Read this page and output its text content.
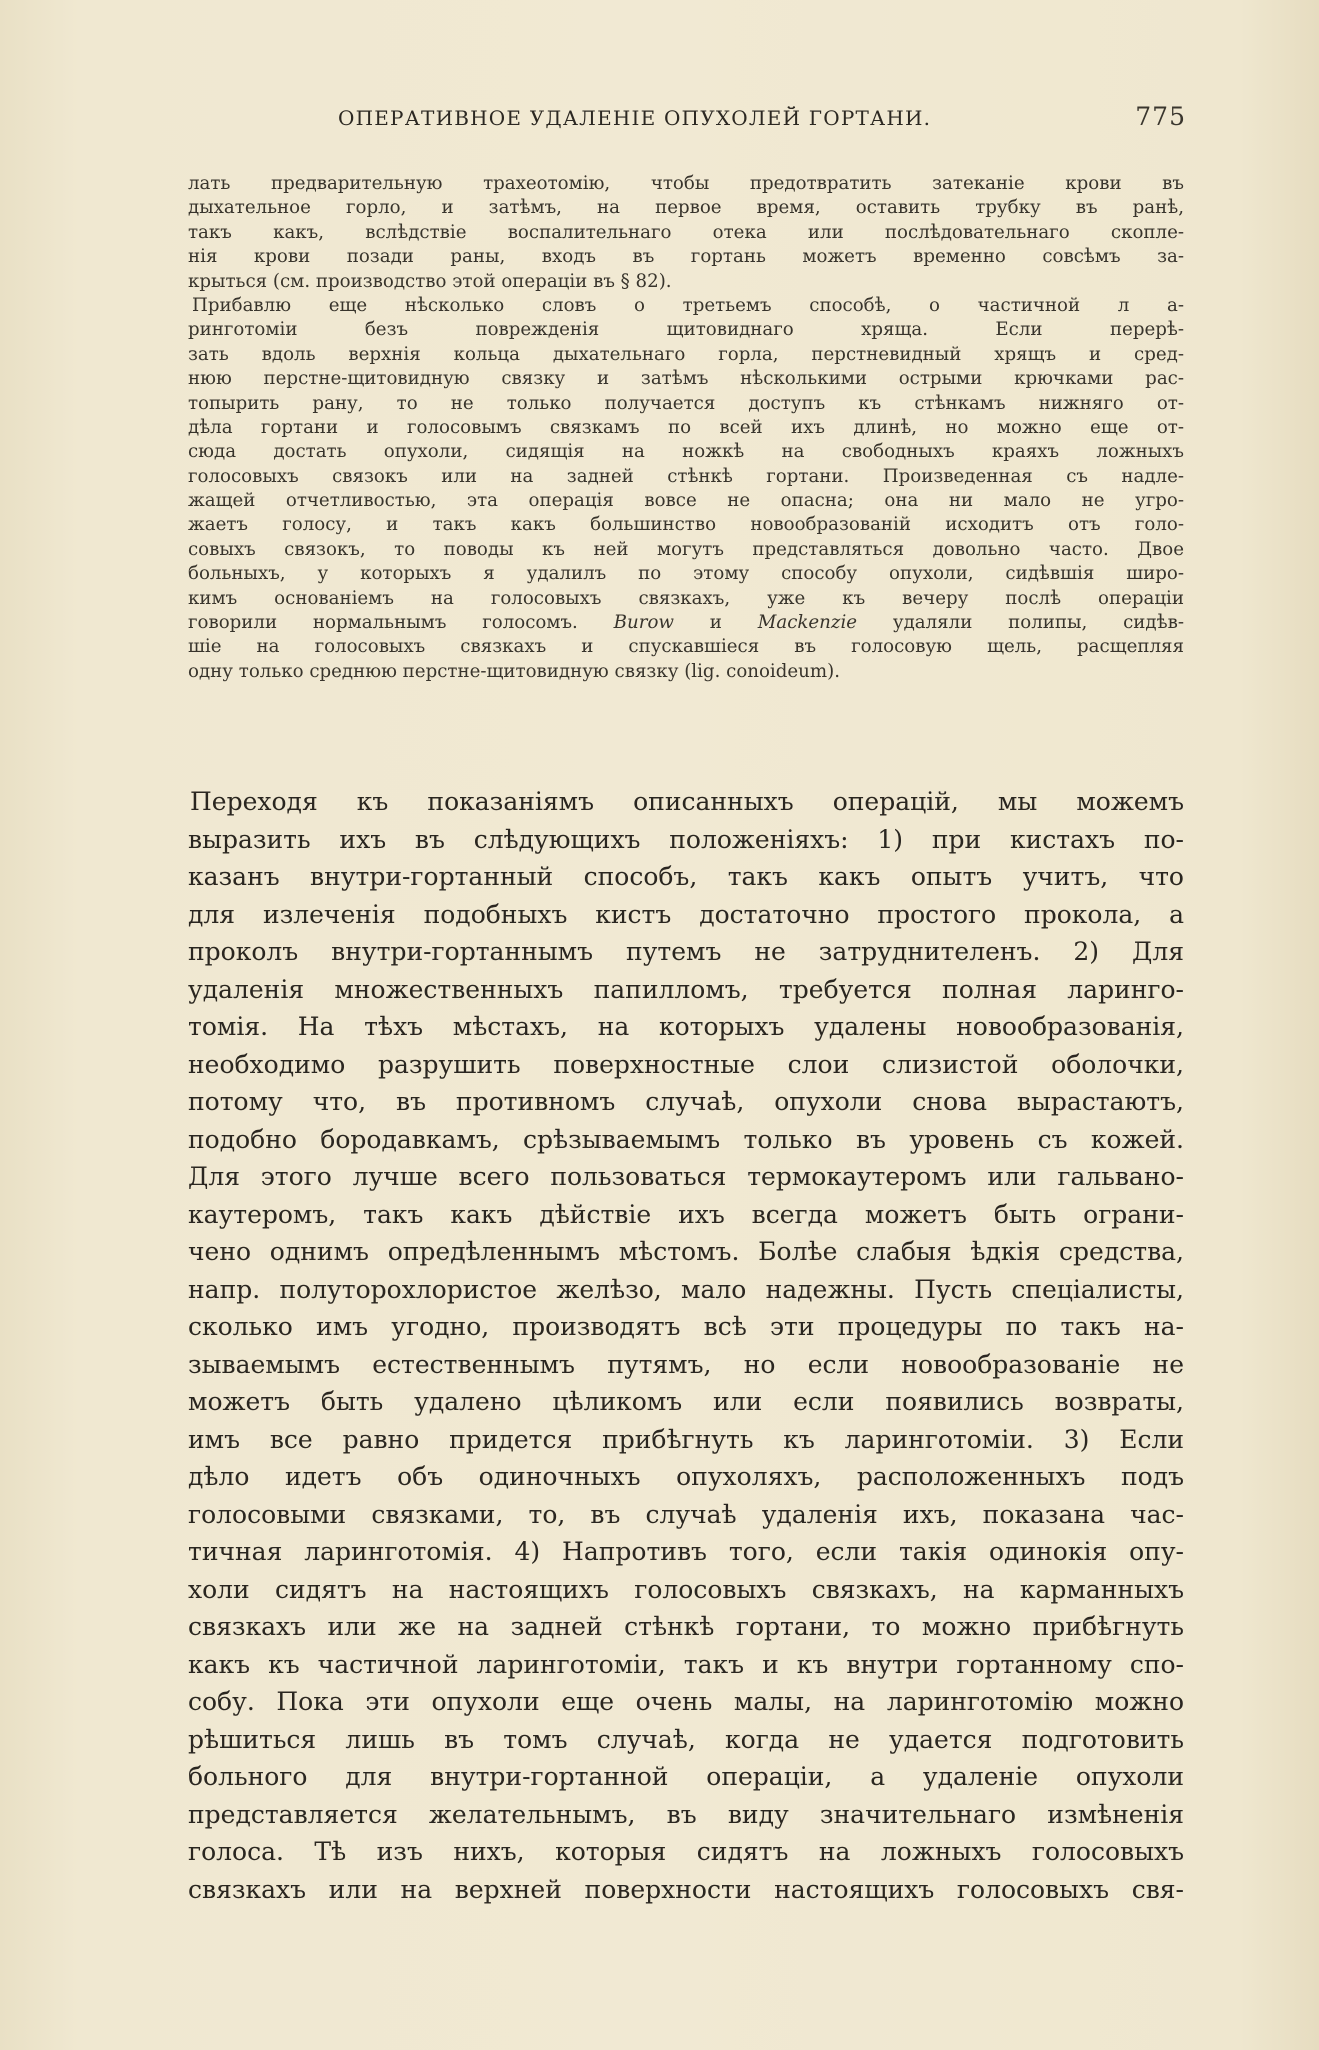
ОПЕРАТИВНОЕ УДАЛЕНІЕ ОПУХОЛЕЙ ГОРТАНИ.	775
лать предварительную трахеотомію, чтобы предотвратить затеканіе крови въ
дыхательное горло, и затѣмъ, на первое время, оставить трубку въ ранѣ,
такъ какъ, вслѣдствіе воспалительнаго отека или послѣдовательнаго скопле-
нія крови позади раны, входъ въ гортань можетъ временно совсѣмъ за-
крыться (см. производство этой операціи въ § 82).
Прибавлю еще нѣсколько словъ о третьемъ способѣ, о частичной л а-
ринготоміи безъ поврежденія щитовиднаго хряща. Если перерѣ-
зать вдоль верхнія кольца дыхательнаго горла, перстневидный хрящъ и сред-
нюю перстне-щитовидную связку и затѣмъ нѣсколькими острыми крючками рас-
топырить рану, то не только получается доступъ къ стѣнкамъ нижняго от-
дѣла гортани и голосовымъ связкамъ по всей ихъ длинѣ, но можно еще от-
сюда достать опухоли, сидящія на ножкѣ на свободныхъ краяхъ ложныхъ
голосовыхъ связокъ или на задней стѣнкѣ гортани. Произведенная съ надле-
жащей отчетливостью, эта операція вовсе не опасна; она ни мало не угро-
жаетъ голосу, и такъ какъ большинство новообразованій исходитъ отъ голо-
совыхъ связокъ, то поводы къ ней могутъ представляться довольно часто. Двое
больныхъ, у которыхъ я удалилъ по этому способу опухоли, сидѣвшія широ-
кимъ основаніемъ на голосовыхъ связкахъ, уже къ вечеру послѣ операціи
говорили нормальнымъ голосомъ. Burow и Mackenzie удаляли полипы, сидѣв-
шіе на голосовыхъ связкахъ и спускавшіеся въ голосовую щель, расщепляя
одну только среднюю перстне-щитовидную связку (lig. conoideum).
Переходя къ показаніямъ описанныхъ операцій, мы можемъ
выразить ихъ въ слѣдующихъ положеніяхъ: 1) при кистахъ по-
казанъ внутри-гортанный способъ, такъ какъ опытъ учитъ, что
для излеченія подобныхъ кистъ достаточно простого прокола, а
проколъ внутри-гортаннымъ путемъ не затруднителенъ. 2) Для
удаленія множественныхъ папилломъ, требуется полная ларинго-
томія. На тѣхъ мѣстахъ, на которыхъ удалены новообразованія,
необходимо разрушить поверхностные слои слизистой оболочки,
потому что, въ противномъ случаѣ, опухоли снова вырастаютъ,
подобно бородавкамъ, срѣзываемымъ только въ уровень съ кожей.
Для этого лучше всего пользоваться термокаутеромъ или гальвано-
каутеромъ, такъ какъ дѣйствіе ихъ всегда можетъ быть ограни-
чено однимъ опредѣленнымъ мѣстомъ. Болѣе слабыя ѣдкія средства,
напр. полуторохлористое желѣзо, мало надежны. Пусть спеціалисты,
сколько имъ угодно, производятъ всѣ эти процедуры по такъ на-
зываемымъ естественнымъ путямъ, но если новообразованіе не
можетъ быть удалено цѣликомъ или если появились возвраты,
имъ все равно придется прибѣгнуть къ ларинготоміи. 3) Если
дѣло идетъ объ одиночныхъ опухоляхъ, расположенныхъ подъ
голосовыми связками, то, въ случаѣ удаленія ихъ, показана час-
тичная ларинготомія. 4) Напротивъ того, если такія одинокія опу-
холи сидятъ на настоящихъ голосовыхъ связкахъ, на карманныхъ
связкахъ или же на задней стѣнкѣ гортани, то можно прибѣгнуть
какъ къ частичной ларинготоміи, такъ и къ внутри гортанному спо-
собу. Пока эти опухоли еще очень малы, на ларинготомію можно
рѣшиться лишь въ томъ случаѣ, когда не удается подготовить
больного для внутри-гортанной операціи, а удаленіе опухоли
представляется желательнымъ, въ виду значительнаго измѣненія
голоса. Тѣ изъ нихъ, которыя сидятъ на ложныхъ голосовыхъ
связкахъ или на верхней поверхности настоящихъ голосовыхъ свя-
